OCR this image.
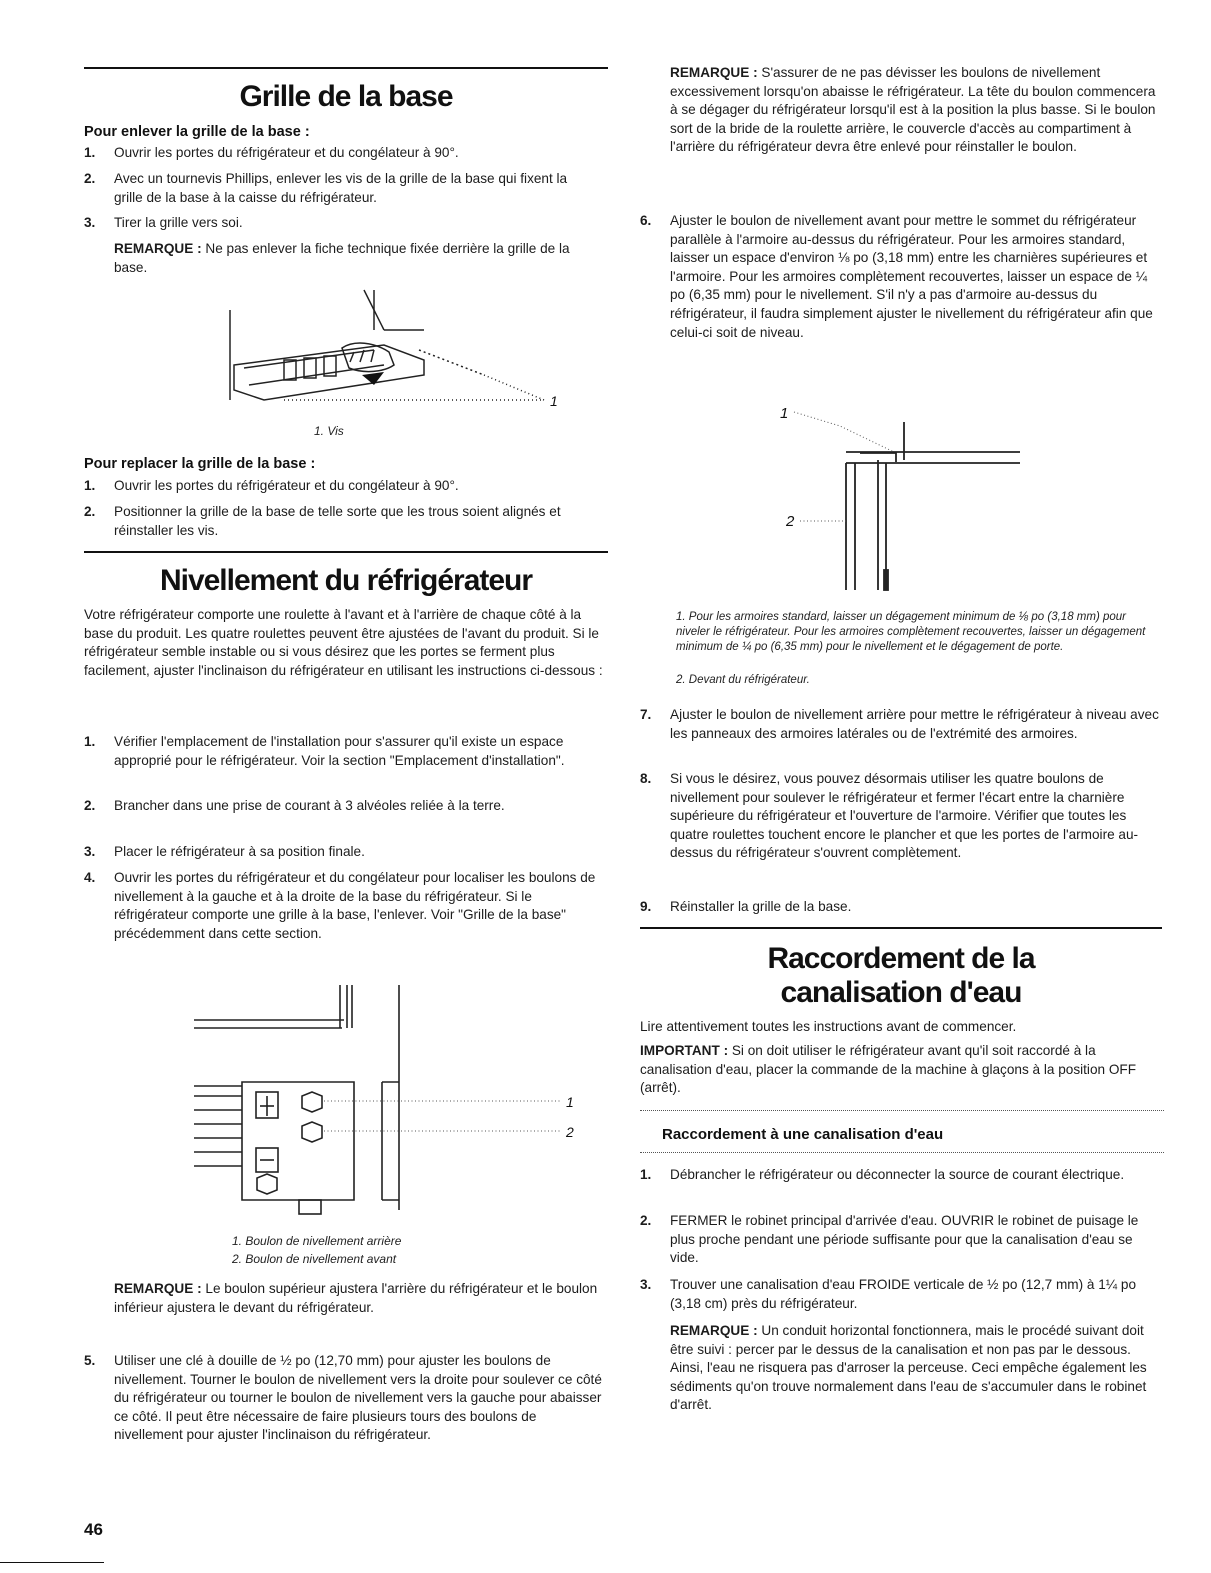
Grille de la base
Pour enlever la grille de la base :
1. Ouvrir les portes du réfrigérateur et du congélateur à 90°.
2. Avec un tournevis Phillips, enlever les vis de la grille de la base qui fixent la grille de la base à la caisse du réfrigérateur.
3. Tirer la grille vers soi.
REMARQUE : Ne pas enlever la fiche technique fixée derrière la grille de la base.
1
1. Vis
Pour replacer la grille de la base :
1. Ouvrir les portes du réfrigérateur et du congélateur à 90°.
2. Positionner la grille de la base de telle sorte que les trous soient alignés et réinstaller les vis.
Nivellement du réfrigérateur
Votre réfrigérateur comporte une roulette à l'avant et à l'arrière de chaque côté à la base du produit. Les quatre roulettes peuvent être ajustées de l'avant du produit. Si le réfrigérateur semble instable ou si vous désirez que les portes se ferment plus facilement, ajuster l'inclinaison du réfrigérateur en utilisant les instructions ci-dessous :
1. Vérifier l'emplacement de l'installation pour s'assurer qu'il existe un espace approprié pour le réfrigérateur. Voir la section "Emplacement d'installation".
2. Brancher dans une prise de courant à 3 alvéoles reliée à la terre.
3. Placer le réfrigérateur à sa position finale.
4. Ouvrir les portes du réfrigérateur et du congélateur pour localiser les boulons de nivellement à la gauche et à la droite de la base du réfrigérateur. Si le réfrigérateur comporte une grille à la base, l'enlever. Voir "Grille de la base" précédemment dans cette section.
1
2
1. Boulon de nivellement arrière
2. Boulon de nivellement avant
REMARQUE : Le boulon supérieur ajustera l'arrière du réfrigérateur et le boulon inférieur ajustera le devant du réfrigérateur.
5. Utiliser une clé à douille de ½ po (12,70 mm) pour ajuster les boulons de nivellement. Tourner le boulon de nivellement vers la droite pour soulever ce côté du réfrigérateur ou tourner le boulon de nivellement vers la gauche pour abaisser ce côté. Il peut être nécessaire de faire plusieurs tours des boulons de nivellement pour ajuster l'inclinaison du réfrigérateur.
REMARQUE : S'assurer de ne pas dévisser les boulons de nivellement excessivement lorsqu'on abaisse le réfrigérateur. La tête du boulon commencera à se dégager du réfrigérateur lorsqu'il est à la position la plus basse. Si le boulon sort de la bride de la roulette arrière, le couvercle d'accès au compartiment à l'arrière du réfrigérateur devra être enlevé pour réinstaller le boulon.
6. Ajuster le boulon de nivellement avant pour mettre le sommet du réfrigérateur parallèle à l'armoire au-dessus du réfrigérateur. Pour les armoires standard, laisser un espace d'environ ⅛ po (3,18 mm) entre les charnières supérieures et l'armoire. Pour les armoires complètement recouvertes, laisser un espace de ¼ po (6,35 mm) pour le nivellement. S'il n'y a pas d'armoire au-dessus du réfrigérateur, il faudra simplement ajuster le nivellement du réfrigérateur afin que celui-ci soit de niveau.
1
2
1. Pour les armoires standard, laisser un dégagement minimum de ⅛ po (3,18 mm) pour niveler le réfrigérateur. Pour les armoires complètement recouvertes, laisser un dégagement minimum de ¼ po (6,35 mm) pour le nivellement et le dégagement de porte.
2. Devant du réfrigérateur.
7. Ajuster le boulon de nivellement arrière pour mettre le réfrigérateur à niveau avec les panneaux des armoires latérales ou de l'extrémité des armoires.
8. Si vous le désirez, vous pouvez désormais utiliser les quatre boulons de nivellement pour soulever le réfrigérateur et fermer l'écart entre la charnière supérieure du réfrigérateur et l'ouverture de l'armoire. Vérifier que toutes les quatre roulettes touchent encore le plancher et que les portes de l'armoire au-dessus du réfrigérateur s'ouvrent complètement.
9. Réinstaller la grille de la base.
Raccordement de la
canalisation d'eau
Lire attentivement toutes les instructions avant de commencer.
IMPORTANT : Si on doit utiliser le réfrigérateur avant qu'il soit raccordé à la canalisation d'eau, placer la commande de la machine à glaçons à la position OFF (arrêt).
Raccordement à une canalisation d'eau
1. Débrancher le réfrigérateur ou déconnecter la source de courant électrique.
2. FERMER le robinet principal d'arrivée d'eau. OUVRIR le robinet de puisage le plus proche pendant une période suffisante pour que la canalisation d'eau se vide.
3. Trouver une canalisation d'eau FROIDE verticale de ½ po (12,7 mm) à 1¼ po (3,18 cm) près du réfrigérateur.
REMARQUE : Un conduit horizontal fonctionnera, mais le procédé suivant doit être suivi : percer par le dessus de la canalisation et non pas par le dessous. Ainsi, l'eau ne risquera pas d'arroser la perceuse. Ceci empêche également les sédiments qu'on trouve normalement dans l'eau de s'accumuler dans le robinet d'arrêt.
46
